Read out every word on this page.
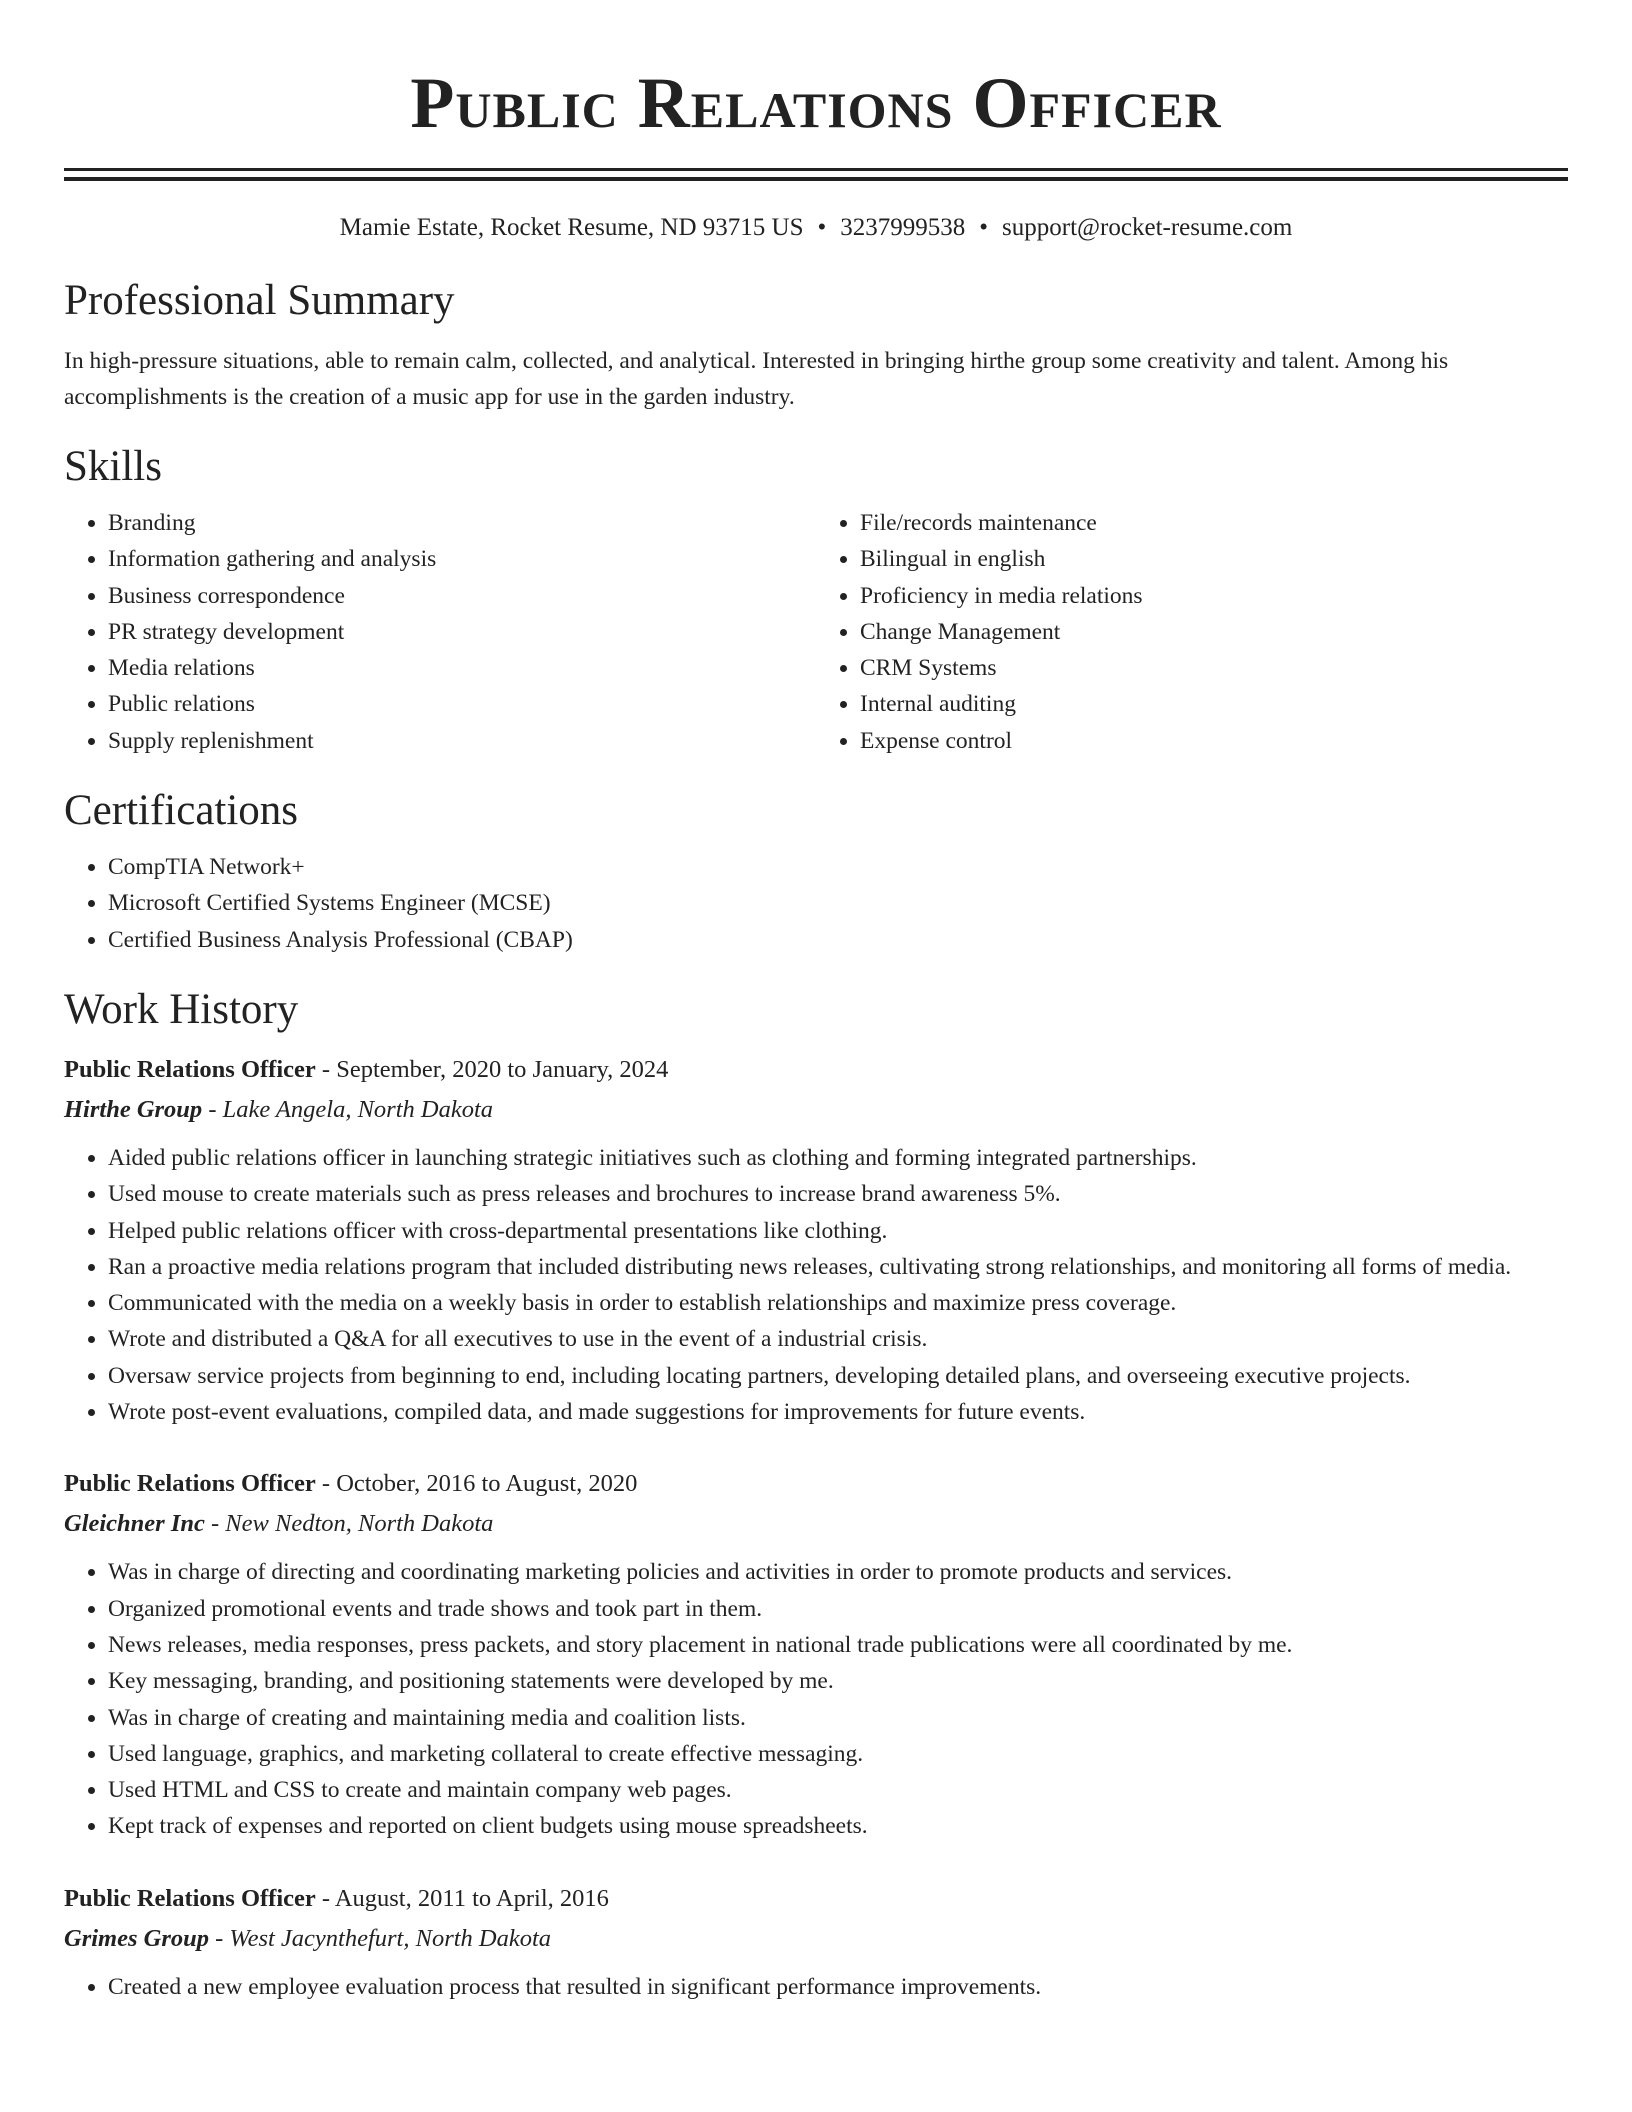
Public Relations Officer
Mamie Estate, Rocket Resume, ND 93715 US • 3237999538 • support@rocket-resume.com
Professional Summary
In high-pressure situations, able to remain calm, collected, and analytical. Interested in bringing hirthe group some creativity and talent. Among his accomplishments is the creation of a music app for use in the garden industry.
Skills
• Branding
• Information gathering and analysis
• Business correspondence
• PR strategy development
• Media relations
• Public relations
• Supply replenishment
• File/records maintenance
• Bilingual in english
• Proficiency in media relations
• Change Management
• CRM Systems
• Internal auditing
• Expense control
Certifications
• CompTIA Network+
• Microsoft Certified Systems Engineer (MCSE)
• Certified Business Analysis Professional (CBAP)
Work History
Public Relations Officer - September, 2020 to January, 2024
Hirthe Group - Lake Angela, North Dakota
• Aided public relations officer in launching strategic initiatives such as clothing and forming integrated partnerships.
• Used mouse to create materials such as press releases and brochures to increase brand awareness 5%.
• Helped public relations officer with cross-departmental presentations like clothing.
• Ran a proactive media relations program that included distributing news releases, cultivating strong relationships, and monitoring all forms of media.
• Communicated with the media on a weekly basis in order to establish relationships and maximize press coverage.
• Wrote and distributed a Q&A for all executives to use in the event of a industrial crisis.
• Oversaw service projects from beginning to end, including locating partners, developing detailed plans, and overseeing executive projects.
• Wrote post-event evaluations, compiled data, and made suggestions for improvements for future events.
Public Relations Officer - October, 2016 to August, 2020
Gleichner Inc - New Nedton, North Dakota
• Was in charge of directing and coordinating marketing policies and activities in order to promote products and services.
• Organized promotional events and trade shows and took part in them.
• News releases, media responses, press packets, and story placement in national trade publications were all coordinated by me.
• Key messaging, branding, and positioning statements were developed by me.
• Was in charge of creating and maintaining media and coalition lists.
• Used language, graphics, and marketing collateral to create effective messaging.
• Used HTML and CSS to create and maintain company web pages.
• Kept track of expenses and reported on client budgets using mouse spreadsheets.
Public Relations Officer - August, 2011 to April, 2016
Grimes Group - West Jacynthefurt, North Dakota
• Created a new employee evaluation process that resulted in significant performance improvements.
